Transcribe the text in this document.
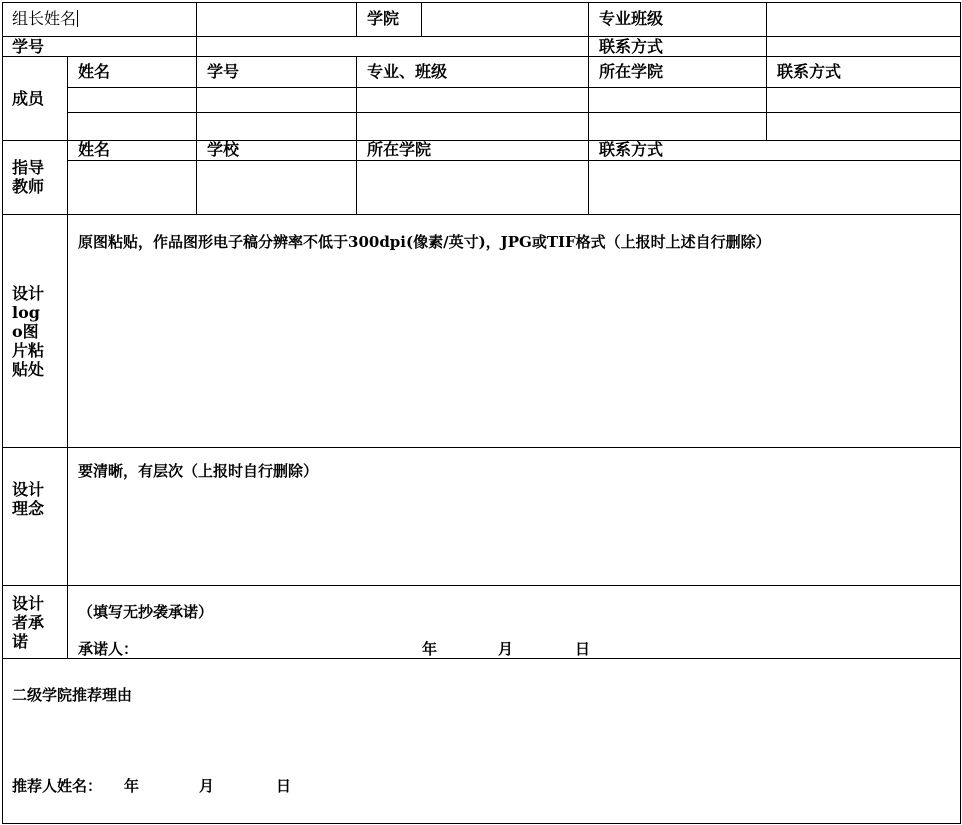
组长姓名	学院	专业班级
学号	联系方式
成员
姓名	学号	专业、班级	所在学院	联系方式
指导教师
姓名	学校	所在学院	联系方式
设计logo图片粘贴处
原图粘贴，作品图形电子稿分辨率不低于300dpi(像素/英寸)，JPG或TIF格式（上报时上述自行删除）
设计理念
要清晰，有层次（上报时自行删除）
设计者承诺
（填写无抄袭承诺）
承诺人：	年	月	日
二级学院推荐理由
推荐人姓名： 年	月	日
